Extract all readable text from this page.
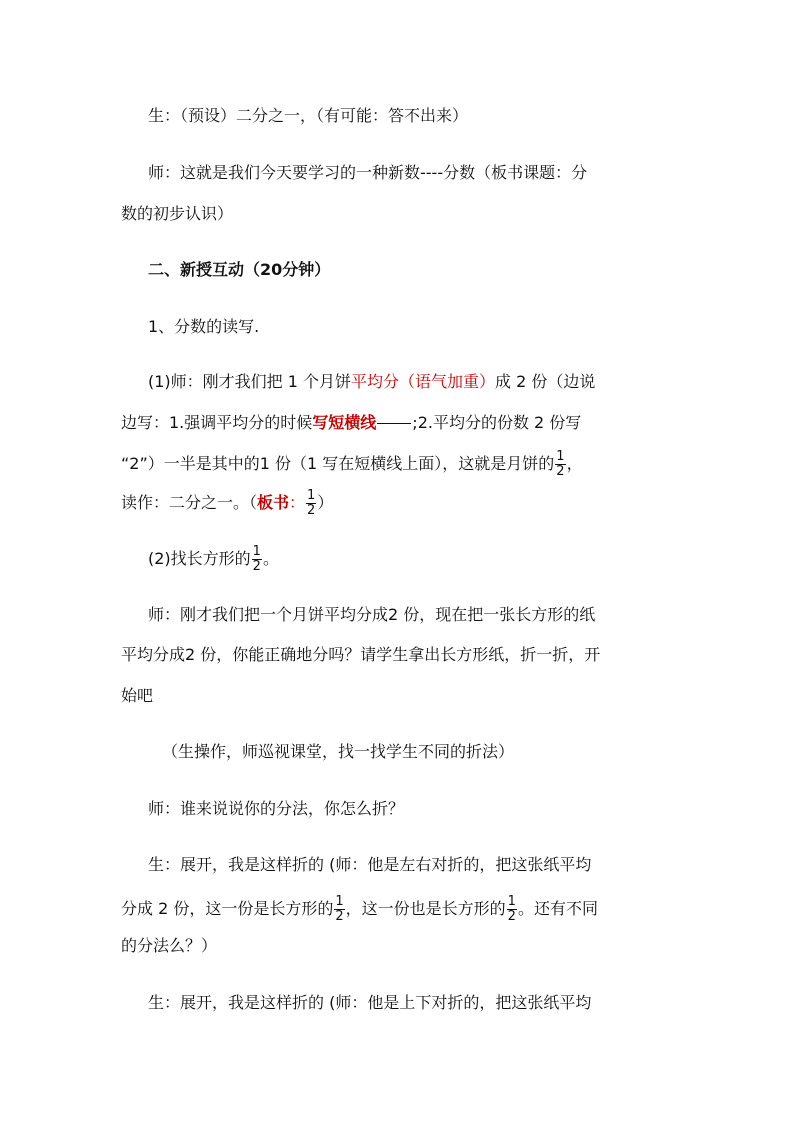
生：（预设）二分之一，（有可能：答不出来）
师：这就是我们今天要学习的一种新数----分数（板书课题：分
数的初步认识）
二、新授互动（20分钟）
1、分数的读写.
(1)师：刚才我们把 1 个月饼平均分（语气加重）成 2 份（边说
边写：1.强调平均分的时候写短横线 ;2.平均分的份数 2 份写
“2”）一半是其中的1 份（1 写在短横线上面），这就是月饼的 $\frac{1}{2}$ ，
读作：二分之一。（板书： $\frac{1}{2}$ ）
(2)找长方形的 $\frac{1}{2}$ 。
师：刚才我们把一个月饼平均分成2 份，现在把一张长方形的纸
平均分成2 份，你能正确地分吗？请学生拿出长方形纸，折一折，开
始吧
（生操作，师巡视课堂，找一找学生不同的折法）
师：谁来说说你的分法，你怎么折？
生：展开，我是这样折的 (师：他是左右对折的，把这张纸平均
分成 2 份，这一份是长方形的 $\frac{1}{2}$ ，这一份也是长方形的 $\frac{1}{2}$ 。还有不同
的分法么？）
生：展开，我是这样折的 (师：他是上下对折的，把这张纸平均
